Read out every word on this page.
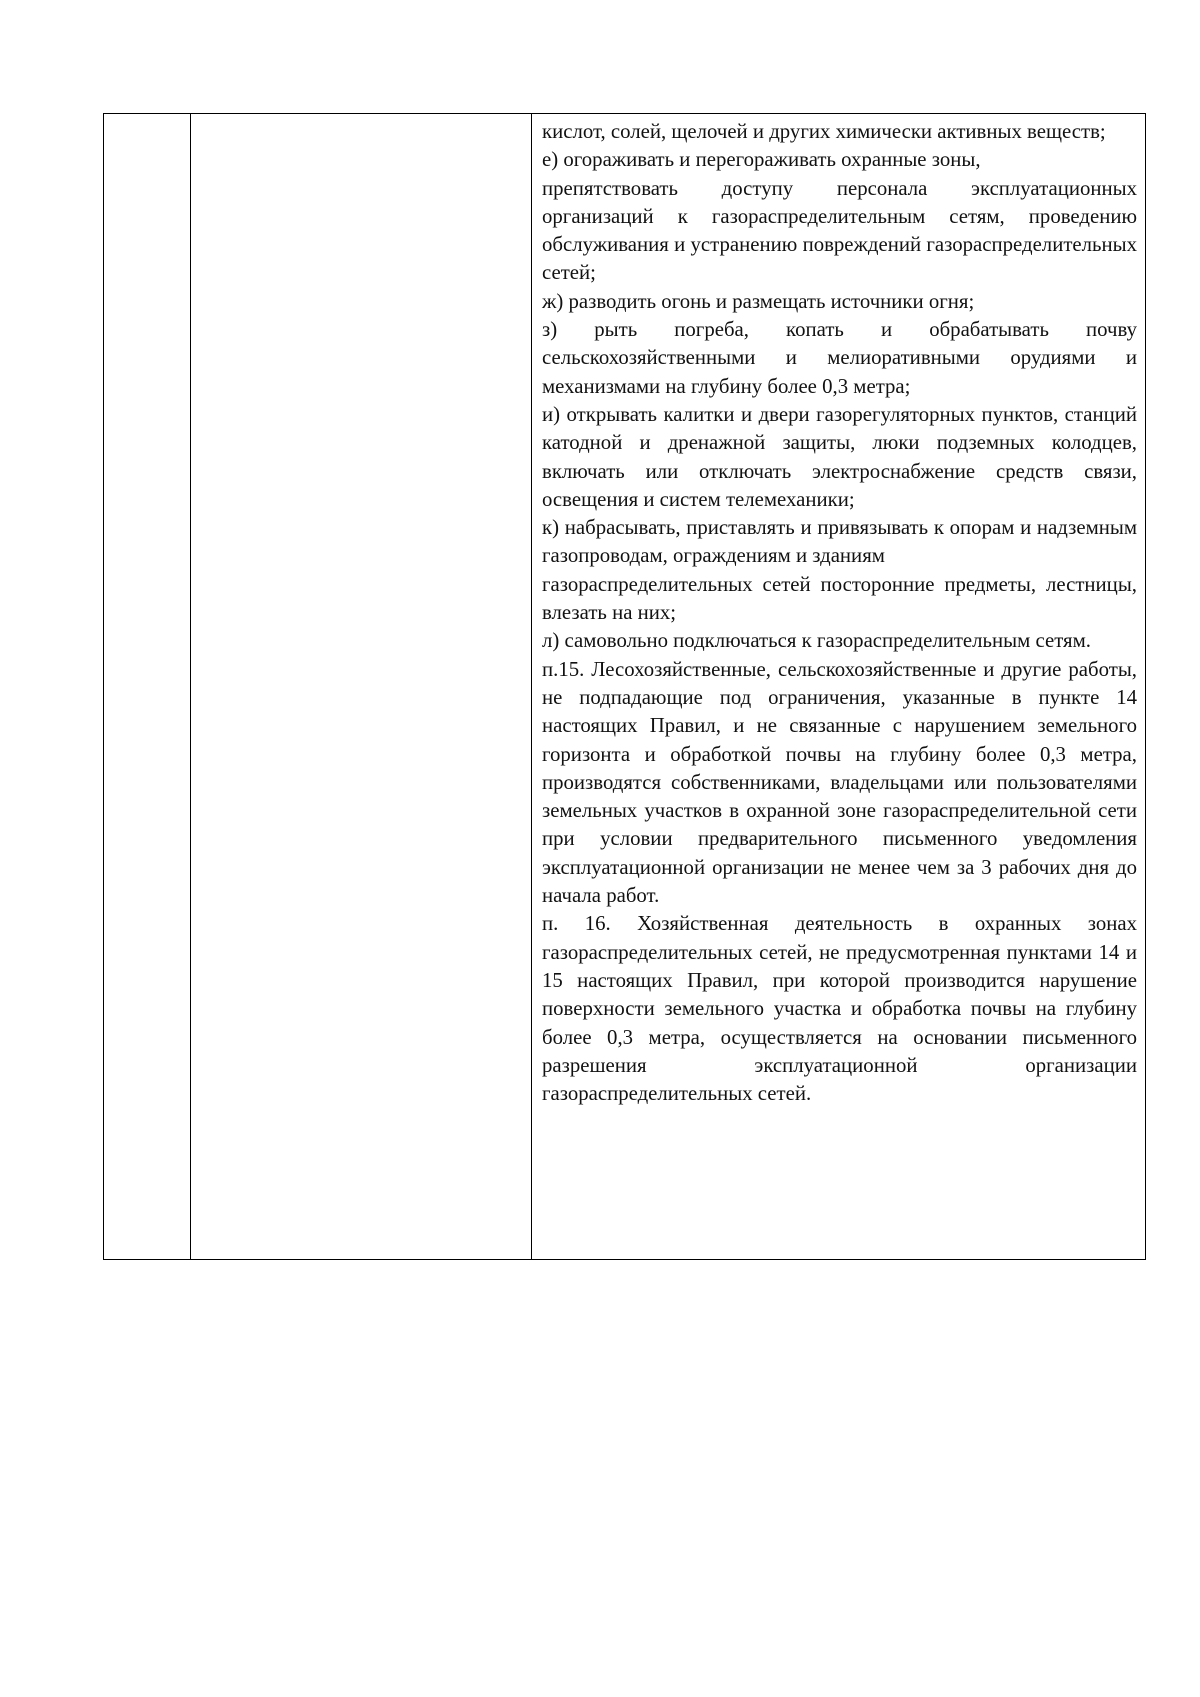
кислот, солей, щелочей и других химически активных веществ;

е) огораживать и перегораживать охранные зоны,

препятствовать доступу персонала эксплуатационных организаций к газораспределительным сетям, проведению обслуживания и устранению повреждений газораспределительных сетей;

ж) разводить огонь и размещать источники огня;

з) рыть погреба, копать и обрабатывать почву сельскохозяйственными и мелиоративными орудиями и механизмами на глубину более 0,3 метра;

и) открывать калитки и двери газорегуляторных пунктов, станций катодной и дренажной защиты, люки подземных колодцев, включать или отключать электроснабжение средств связи, освещения и систем телемеханики;

к) набрасывать, приставлять и привязывать к опорам и надземным газопроводам, ограждениям и зданиям

газораспределительных сетей посторонние предметы, лестницы, влезать на них;

л) самовольно подключаться к газораспределительным сетям.

п.15. Лесохозяйственные, сельскохозяйственные и другие работы, не подпадающие под ограничения, указанные в пункте 14 настоящих Правил, и не связанные с нарушением земельного горизонта и обработкой почвы на глубину более 0,3 метра, производятся собственниками, владельцами или пользователями земельных участков в охранной зоне газораспределительной сети при условии предварительного письменного уведомления эксплуатационной организации не менее чем за 3 рабочих дня до начала работ.

п. 16. Хозяйственная деятельность в охранных зонах газораспределительных сетей, не предусмотренная пунктами 14 и 15 настоящих Правил, при которой производится нарушение поверхности земельного участка и обработка почвы на глубину более 0,3 метра, осуществляется на основании письменного разрешения эксплуатационной организации газораспределительных сетей.
